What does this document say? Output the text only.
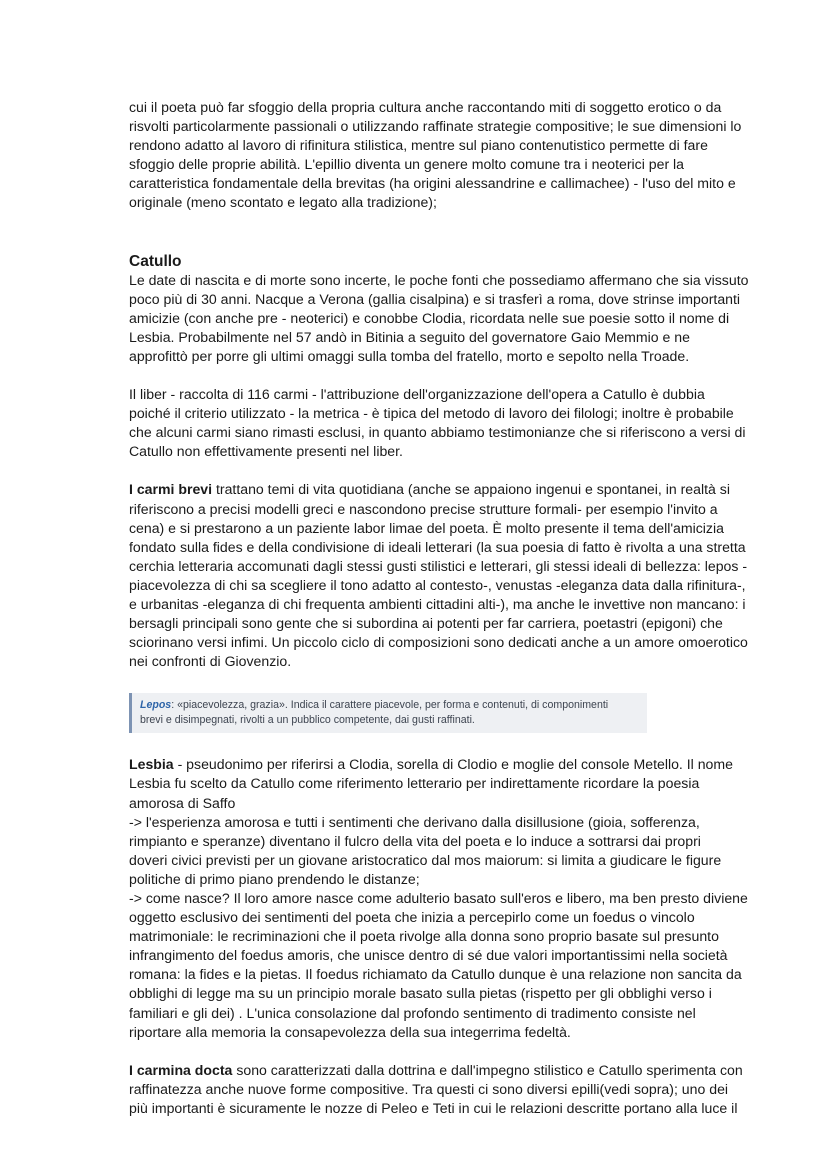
cui il poeta può far sfoggio della propria cultura anche raccontando miti di soggetto erotico o da
risvolti particolarmente passionali o utilizzando raffinate strategie compositive; le sue dimensioni lo
rendono adatto al lavoro di rifinitura stilistica, mentre sul piano contenutistico permette di fare
sfoggio delle proprie abilità. L'epillio diventa un genere molto comune tra i neoterici per la
caratteristica fondamentale della brevitas (ha origini alessandrine e callimachee) - l'uso del mito e
originale (meno scontato e legato alla tradizione);

Catullo

Le date di nascita e di morte sono incerte, le poche fonti che possediamo affermano che sia vissuto
poco più di 30 anni. Nacque a Verona (gallia cisalpina) e si trasferì a roma, dove strinse importanti
amicizie (con anche pre - neoterici) e conobbe Clodia, ricordata nelle sue poesie sotto il nome di
Lesbia. Probabilmente nel 57 andò in Bitinia a seguito del governatore Gaio Memmio e ne
approfittò per porre gli ultimi omaggi sulla tomba del fratello, morto e sepolto nella Troade.

Il liber - raccolta di 116 carmi - l'attribuzione dell'organizzazione dell'opera a Catullo è dubbia
poiché il criterio utilizzato - la metrica - è tipica del metodo di lavoro dei filologi; inoltre è probabile
che alcuni carmi siano rimasti esclusi, in quanto abbiamo testimonianze che si riferiscono a versi di
Catullo non effettivamente presenti nel liber.

I carmi brevi trattano temi di vita quotidiana (anche se appaiono ingenui e spontanei, in realtà si
riferiscono a precisi modelli greci e nascondono precise strutture formali- per esempio l'invito a
cena) e si prestarono a un paziente labor limae del poeta. È molto presente il tema dell'amicizia
fondato sulla fides e della condivisione di ideali letterari (la sua poesia di fatto è rivolta a una stretta
cerchia letteraria accomunati dagli stessi gusti stilistici e letterari, gli stessi ideali di bellezza: lepos -
piacevolezza di chi sa scegliere il tono adatto al contesto-, venustas -eleganza data dalla rifinitura-,
e urbanitas -eleganza di chi frequenta ambienti cittadini alti-), ma anche le invettive non mancano: i
bersagli principali sono gente che si subordina ai potenti per far carriera, poetastri (epigoni) che
sciorinano versi infimi. Un piccolo ciclo di composizioni sono dedicati anche a un amore omoerotico
nei confronti di Giovenzio.

Lepos: «piacevolezza, grazia». Indica il carattere piacevole, per forma e contenuti, di componimenti
brevi e disimpegnati, rivolti a un pubblico competente, dai gusti raffinati.

Lesbia - pseudonimo per riferirsi a Clodia, sorella di Clodio e moglie del console Metello. Il nome
Lesbia fu scelto da Catullo come riferimento letterario per indirettamente ricordare la poesia
amorosa di Saffo
-> l'esperienza amorosa e tutti i sentimenti che derivano dalla disillusione (gioia, sofferenza,
rimpianto e speranze) diventano il fulcro della vita del poeta e lo induce a sottrarsi dai propri
doveri civici previsti per un giovane aristocratico dal mos maiorum: si limita a giudicare le figure
politiche di primo piano prendendo le distanze;
-> come nasce? Il loro amore nasce come adulterio basato sull'eros e libero, ma ben presto diviene
oggetto esclusivo dei sentimenti del poeta che inizia a percepirlo come un foedus o vincolo
matrimoniale: le recriminazioni che il poeta rivolge alla donna sono proprio basate sul presunto
infrangimento del foedus amoris, che unisce dentro di sé due valori importantissimi nella società
romana: la fides e la pietas. Il foedus richiamato da Catullo dunque è una relazione non sancita da
obblighi di legge ma su un principio morale basato sulla pietas (rispetto per gli obblighi verso i
familiari e gli dei) . L'unica consolazione dal profondo sentimento di tradimento consiste nel
riportare alla memoria la consapevolezza della sua integerrima fedeltà.

I carmina docta sono caratterizzati dalla dottrina e dall'impegno stilistico e Catullo sperimenta con
raffinatezza anche nuove forme compositive. Tra questi ci sono diversi epilli(vedi sopra); uno dei
più importanti è sicuramente le nozze di Peleo e Teti in cui le relazioni descritte portano alla luce il
